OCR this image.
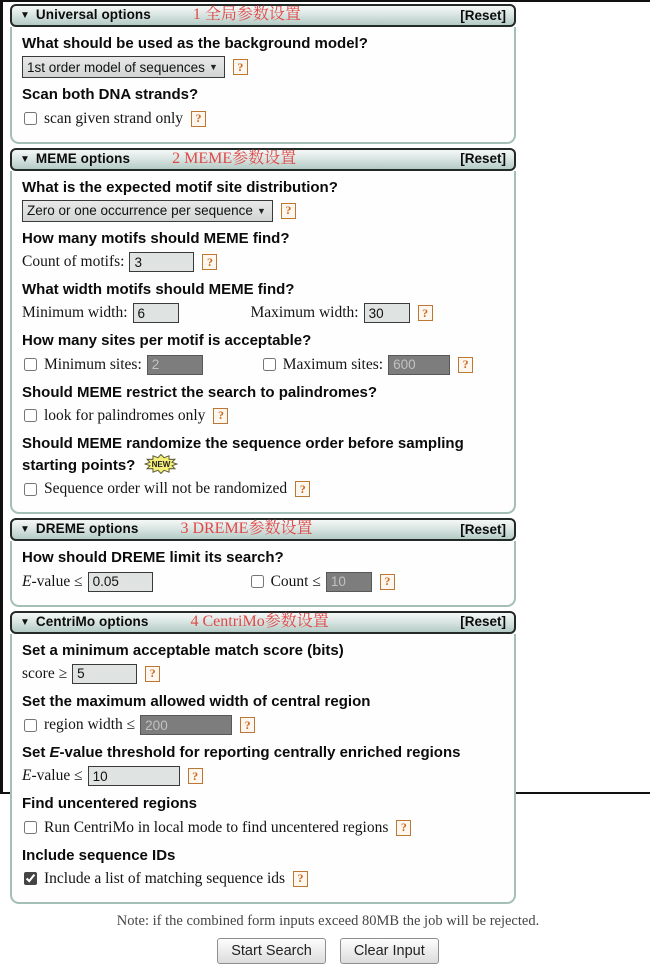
▼ Universal options	1 全局参数设置	[Reset]
What should be used as the background model?
1st order model of sequences
▼	?
Scan both DNA strands?
scan given strand only	?
▼ MEME options	2 MEME参数设置	[Reset]
What is the expected motif site distribution?
Zero or one occurrence per sequence
▼	?
How many motifs should MEME find?
Count of motifs:
3	?
What width motifs should MEME find?
Minimum width:
6	Maximum width:
30	?
How many sites per motif is acceptable?
Minimum sites:
2	Maximum sites:
600	?
Should MEME restrict the search to palindromes?
look for palindromes only	?
Should MEME randomize the sequence order before sampling starting points? NEW
Sequence order will not be randomized	?
▼ DREME options	3 DREME参数设置	[Reset]
How should DREME limit its search?
E-value ≤
0.05	Count ≤
10	?
▼ CentriMo options	4 CentriMo参数设置	[Reset]
Set a minimum acceptable match score (bits)
score ≥
5	?
Set the maximum allowed width of central region
region width ≤
200	?
Set E-value threshold for reporting centrally enriched regions
E-value ≤
10	?
Find uncentered regions
Run CentriMo in local mode to find uncentered regions	?
Include sequence IDs
Include a list of matching sequence ids	?
Note: if the combined form inputs exceed 80MB the job will be rejected.
Start Search	Clear Input
